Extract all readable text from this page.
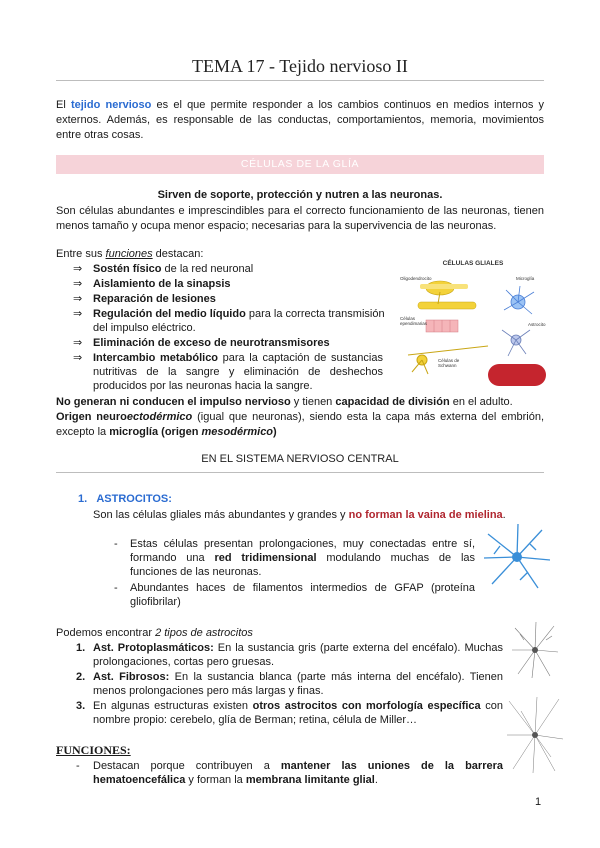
TEMA 17 - Tejido nervioso II
El tejido nervioso es el que permite responder a los cambios continuos en medios internos y externos. Además, es responsable de las conductas, comportamientos, memoria, movimientos entre otras cosas.
CÉLULAS DE LA GLÍA
Sirven de soporte, protección y nutren a las neuronas.
Son células abundantes e imprescindibles para el correcto funcionamiento de las neuronas, tienen menos tamaño y ocupa menor espacio; necesarias para la supervivencia de las neuronas.
Entre sus funciones destacan:
⇒ Sostén físico de la red neuronal
⇒ Aislamiento de la sinapsis
⇒ Reparación de lesiones
⇒ Regulación del medio líquido para la correcta transmisión del impulso eléctrico.
⇒ Eliminación de exceso de neurotransmisores
⇒ Intercambio metabólico para la captación de sustancias nutritivas de la sangre y eliminación de deshechos producidos por las neuronas hacia la sangre.
CÉLULAS GLIALES
Oligodendrocito	Microglía
Células ependimarias	Astrocito
Células de Schwann
No generan ni conducen el impulso nervioso y tienen capacidad de división en el adulto.
Origen neuroectodérmico (igual que neuronas), siendo esta la capa más externa del embrión, excepto la microglía (origen mesodérmico)
EN EL SISTEMA NERVIOSO CENTRAL
1. ASTROCITOS:
Son las células gliales más abundantes y grandes y no forman la vaina de mielina.
- Estas células presentan prolongaciones, muy conectadas entre sí, formando una red tridimensional modulando muchas de las funciones de las neuronas.
- Abundantes haces de filamentos intermedios de GFAP (proteína gliofibrilar)
Podemos encontrar 2 tipos de astrocitos
1. Ast. Protoplasmáticos: En la sustancia gris (parte externa del encéfalo). Muchas prolongaciones, cortas pero gruesas.
2. Ast. Fibrosos: En la sustancia blanca (parte más interna del encéfalo). Tienen menos prolongaciones pero más largas y finas.
3. En algunas estructuras existen otros astrocitos con morfología específica con nombre propio: cerebelo, glía de Berman; retina, célula de Miller…
FUNCIONES:
- Destacan porque contribuyen a mantener las uniones de la barrera hematoencefálica y forman la membrana limitante glial.
1
